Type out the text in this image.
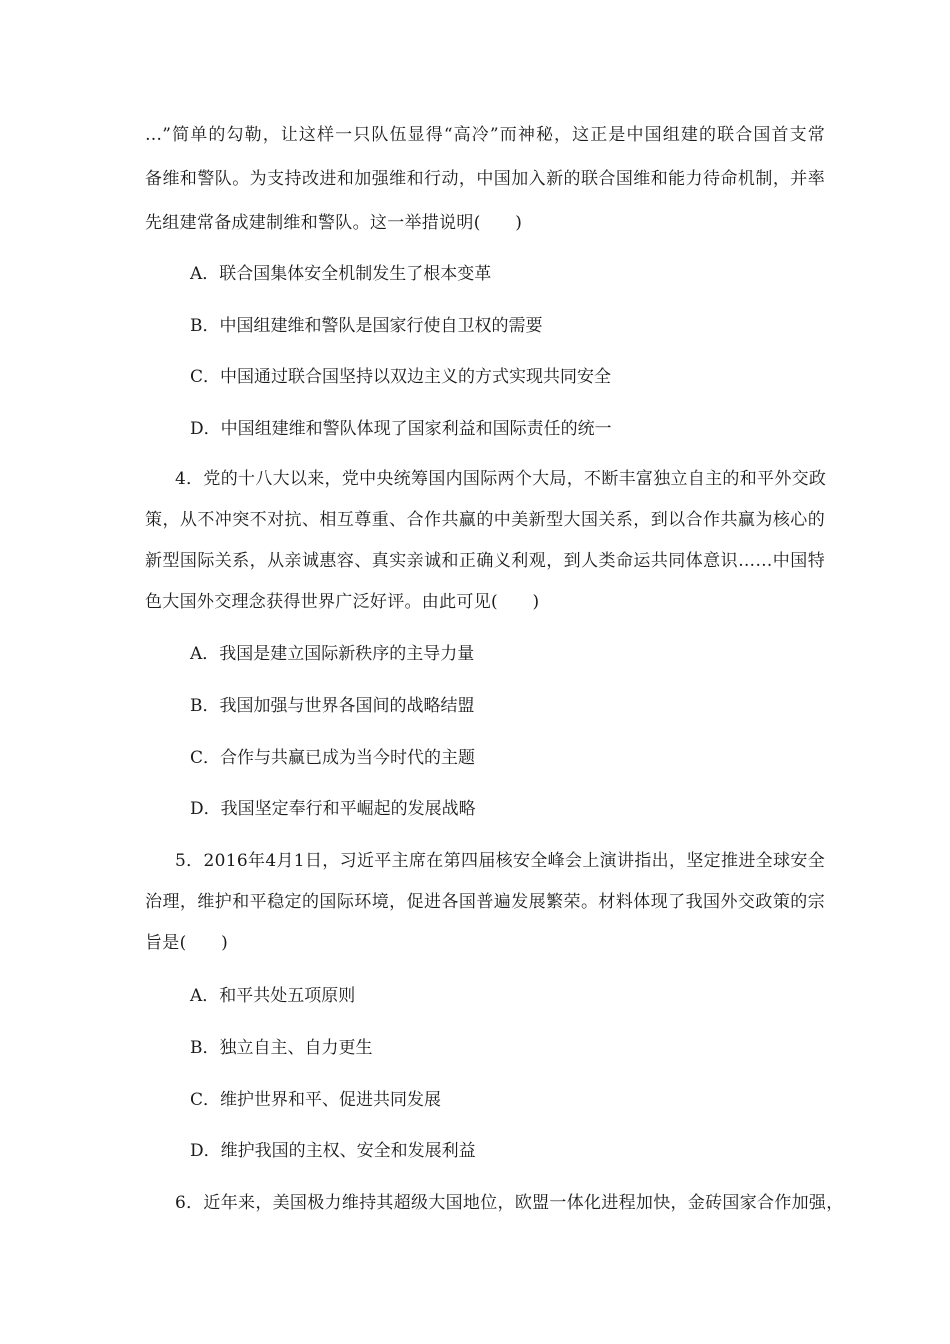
…”简单的勾勒，让这样一只队伍显得“高冷”而神秘，这正是中国组建的联合国首支常
备维和警队。为支持改进和加强维和行动，中国加入新的联合国维和能力待命机制，并率
先组建常备成建制维和警队。这一举措说明(　　)
A．联合国集体安全机制发生了根本变革
B．中国组建维和警队是国家行使自卫权的需要
C．中国通过联合国坚持以双边主义的方式实现共同安全
D．中国组建维和警队体现了国家利益和国际责任的统一
4．党的十八大以来，党中央统筹国内国际两个大局，不断丰富独立自主的和平外交政
策，从不冲突不对抗、相互尊重、合作共赢的中美新型大国关系，到以合作共赢为核心的
新型国际关系，从亲诚惠容、真实亲诚和正确义利观，到人类命运共同体意识……中国特
色大国外交理念获得世界广泛好评。由此可见(　　)
A．我国是建立国际新秩序的主导力量
B．我国加强与世界各国间的战略结盟
C．合作与共赢已成为当今时代的主题
D．我国坚定奉行和平崛起的发展战略
5．2016年4月1日，习近平主席在第四届核安全峰会上演讲指出，坚定推进全球安全
治理，维护和平稳定的国际环境，促进各国普遍发展繁荣。材料体现了我国外交政策的宗
旨是(　　)
A．和平共处五项原则
B．独立自主、自力更生
C．维护世界和平、促进共同发展
D．维护我国的主权、安全和发展利益
6．近年来，美国极力维持其超级大国地位，欧盟一体化进程加快，金砖国家合作加强，
